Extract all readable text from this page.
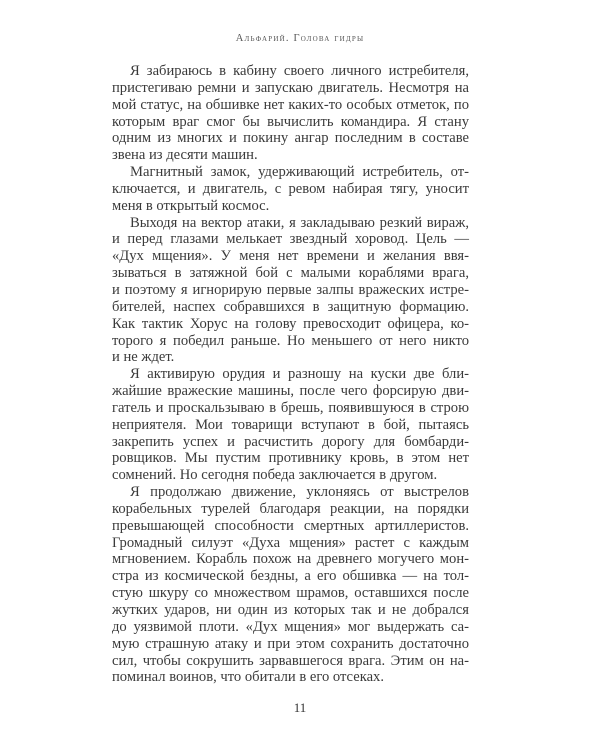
Альфарий. Голова гидры
Я забираюсь в кабину своего личного истребителя,
пристегиваю ремни и запускаю двигатель. Несмотря на
мой статус, на обшивке нет каких-то особых отметок, по
которым враг смог бы вычислить командира. Я стану
одним из многих и покину ангар последним в составе
звена из десяти машин.
Магнитный замок, удерживающий истребитель, от-
ключается, и двигатель, с ревом набирая тягу, уносит
меня в открытый космос.
Выходя на вектор атаки, я закладываю резкий вираж,
и перед глазами мелькает звездный хоровод. Цель —
«Дух мщения». У меня нет времени и желания ввя-
зываться в затяжной бой с малыми кораблями врага,
и поэтому я игнорирую первые залпы вражеских истре-
бителей, наспех собравшихся в защитную формацию.
Как тактик Хорус на голову превосходит офицера, ко-
торого я победил раньше. Но меньшего от него никто
и не ждет.
Я активирую орудия и разношу на куски две бли-
жайшие вражеские машины, после чего форсирую дви-
гатель и проскальзываю в брешь, появившуюся в строю
неприятеля. Мои товарищи вступают в бой, пытаясь
закрепить успех и расчистить дорогу для бомбарди-
ровщиков. Мы пустим противнику кровь, в этом нет
сомнений. Но сегодня победа заключается в другом.
Я продолжаю движение, уклоняясь от выстрелов
корабельных турелей благодаря реакции, на порядки
превышающей способности смертных артиллеристов.
Громадный силуэт «Духа мщения» растет с каждым
мгновением. Корабль похож на древнего могучего мон-
стра из космической бездны, а его обшивка — на тол-
стую шкуру со множеством шрамов, оставшихся после
жутких ударов, ни один из которых так и не добрался
до уязвимой плоти. «Дух мщения» мог выдержать са-
мую страшную атаку и при этом сохранить достаточно
сил, чтобы сокрушить зарвавшегося врага. Этим он на-
поминал воинов, что обитали в его отсеках.
11
